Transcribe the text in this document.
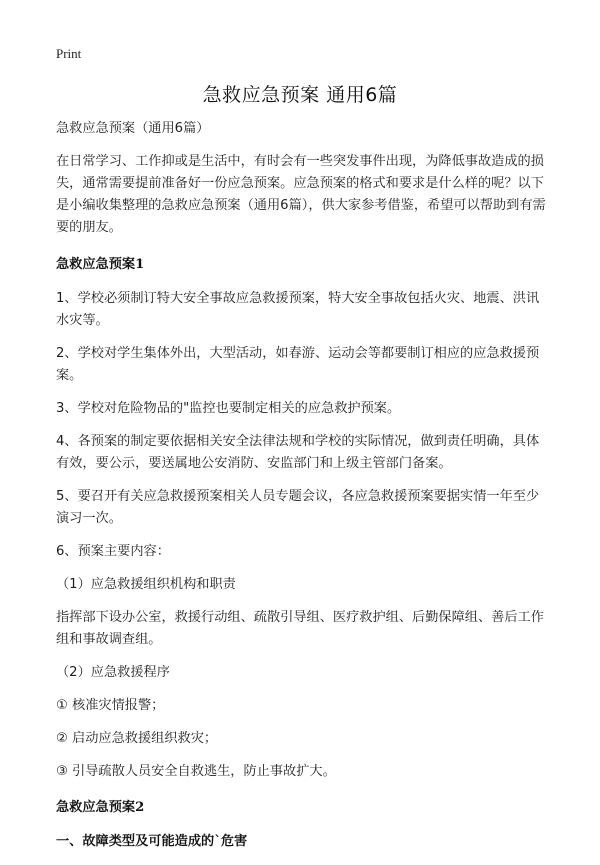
Print
急救应急预案 通用6篇

急救应急预案（通用6篇）

在日常学习、工作抑或是生活中，有时会有一些突发事件出现，为降低事故造成的损失，通常需要提前准备好一份应急预案。应急预案的格式和要求是什么样的呢？以下是小编收集整理的急救应急预案（通用6篇），供大家参考借鉴，希望可以帮助到有需要的朋友。

急救应急预案1

1、学校必须制订特大安全事故应急救援预案，特大安全事故包括火灾、地震、洪讯水灾等。

2、学校对学生集体外出，大型活动，如春游、运动会等都要制订相应的应急救援预案。

3、学校对危险物品的"监控也要制定相关的应急救护预案。

4、各预案的制定要依据相关安全法律法规和学校的实际情况，做到责任明确，具体有效，要公示，要送属地公安消防、安监部门和上级主管部门备案。

5、要召开有关应急救援预案相关人员专题会议，各应急救援预案要据实情一年至少演习一次。

6、预案主要内容：

（1）应急救援组织机构和职责

指挥部下设办公室，救援行动组、疏散引导组、医疗救护组、后勤保障组、善后工作组和事故调查组。

（2）应急救援程序

① 核准灾情报警；

② 启动应急救援组织救灾；

③ 引导疏散人员安全自救逃生，防止事故扩大。

急救应急预案2

一、故障类型及可能造成的`危害
